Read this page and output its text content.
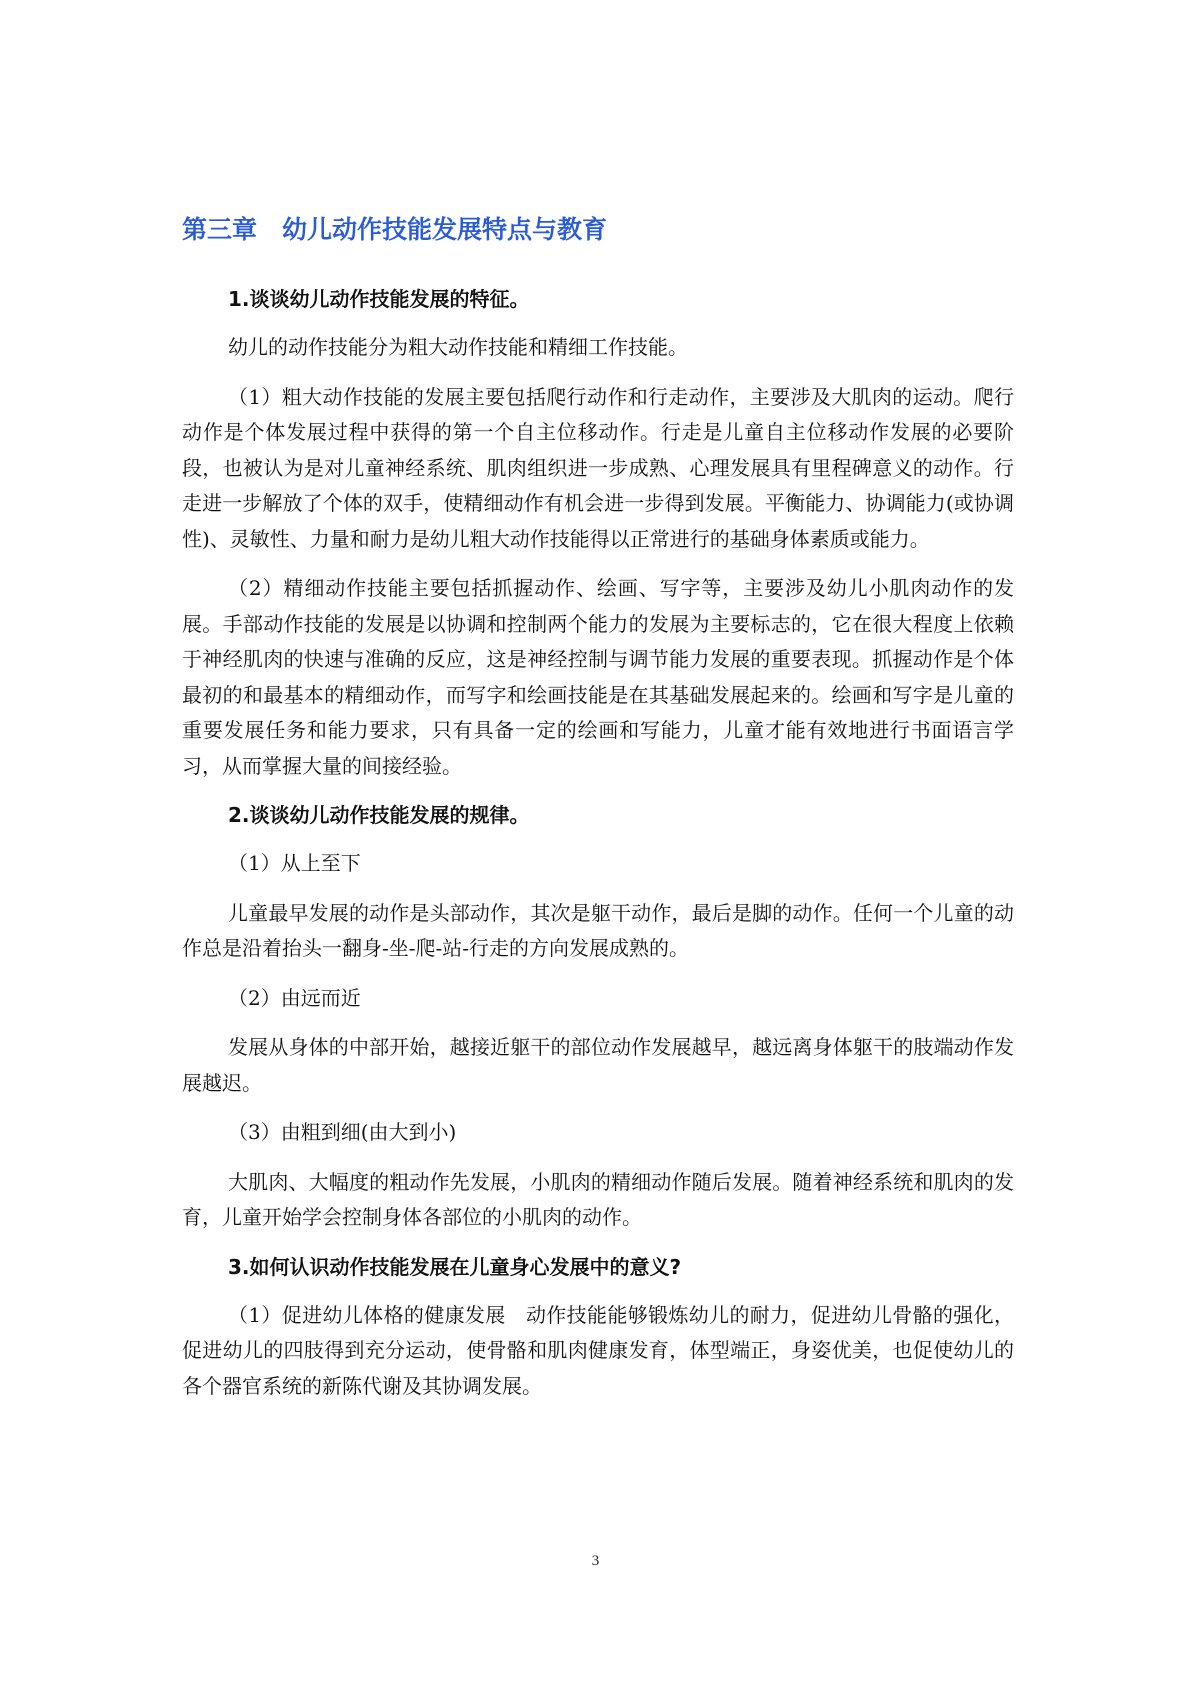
第三章　幼儿动作技能发展特点与教育
1.谈谈幼儿动作技能发展的特征。

幼儿的动作技能分为粗大动作技能和精细工作技能。

（1）粗大动作技能的发展主要包括爬行动作和行走动作，主要涉及大肌肉的运动。爬行动作是个体发展过程中获得的第一个自主位移动作。行走是儿童自主位移动作发展的必要阶段，也被认为是对儿童神经系统、肌肉组织进一步成熟、心理发展具有里程碑意义的动作。行走进一步解放了个体的双手，使精细动作有机会进一步得到发展。平衡能力、协调能力(或协调性)、灵敏性、力量和耐力是幼儿粗大动作技能得以正常进行的基础身体素质或能力。

（2）精细动作技能主要包括抓握动作、绘画、写字等，主要涉及幼儿小肌肉动作的发展。手部动作技能的发展是以协调和控制两个能力的发展为主要标志的，它在很大程度上依赖于神经肌肉的快速与准确的反应，这是神经控制与调节能力发展的重要表现。抓握动作是个体最初的和最基本的精细动作，而写字和绘画技能是在其基础发展起来的。绘画和写字是儿童的重要发展任务和能力要求，只有具备一定的绘画和写能力，儿童才能有效地进行书面语言学习，从而掌握大量的间接经验。

2.谈谈幼儿动作技能发展的规律。

（1）从上至下

儿童最早发展的动作是头部动作，其次是躯干动作，最后是脚的动作。任何一个儿童的动作总是沿着抬头一翻身-坐-爬-站-行走的方向发展成熟的。

（2）由远而近

发展从身体的中部开始，越接近躯干的部位动作发展越早，越远离身体躯干的肢端动作发展越迟。

（3）由粗到细(由大到小)

大肌肉、大幅度的粗动作先发展，小肌肉的精细动作随后发展。随着神经系统和肌肉的发育，儿童开始学会控制身体各部位的小肌肉的动作。

3.如何认识动作技能发展在儿童身心发展中的意义?

（1）促进幼儿体格的健康发展　动作技能能够锻炼幼儿的耐力，促进幼儿骨骼的强化，促进幼儿的四肢得到充分运动，使骨骼和肌肉健康发育，体型端正，身姿优美，也促使幼儿的各个器官系统的新陈代谢及其协调发展。

3
